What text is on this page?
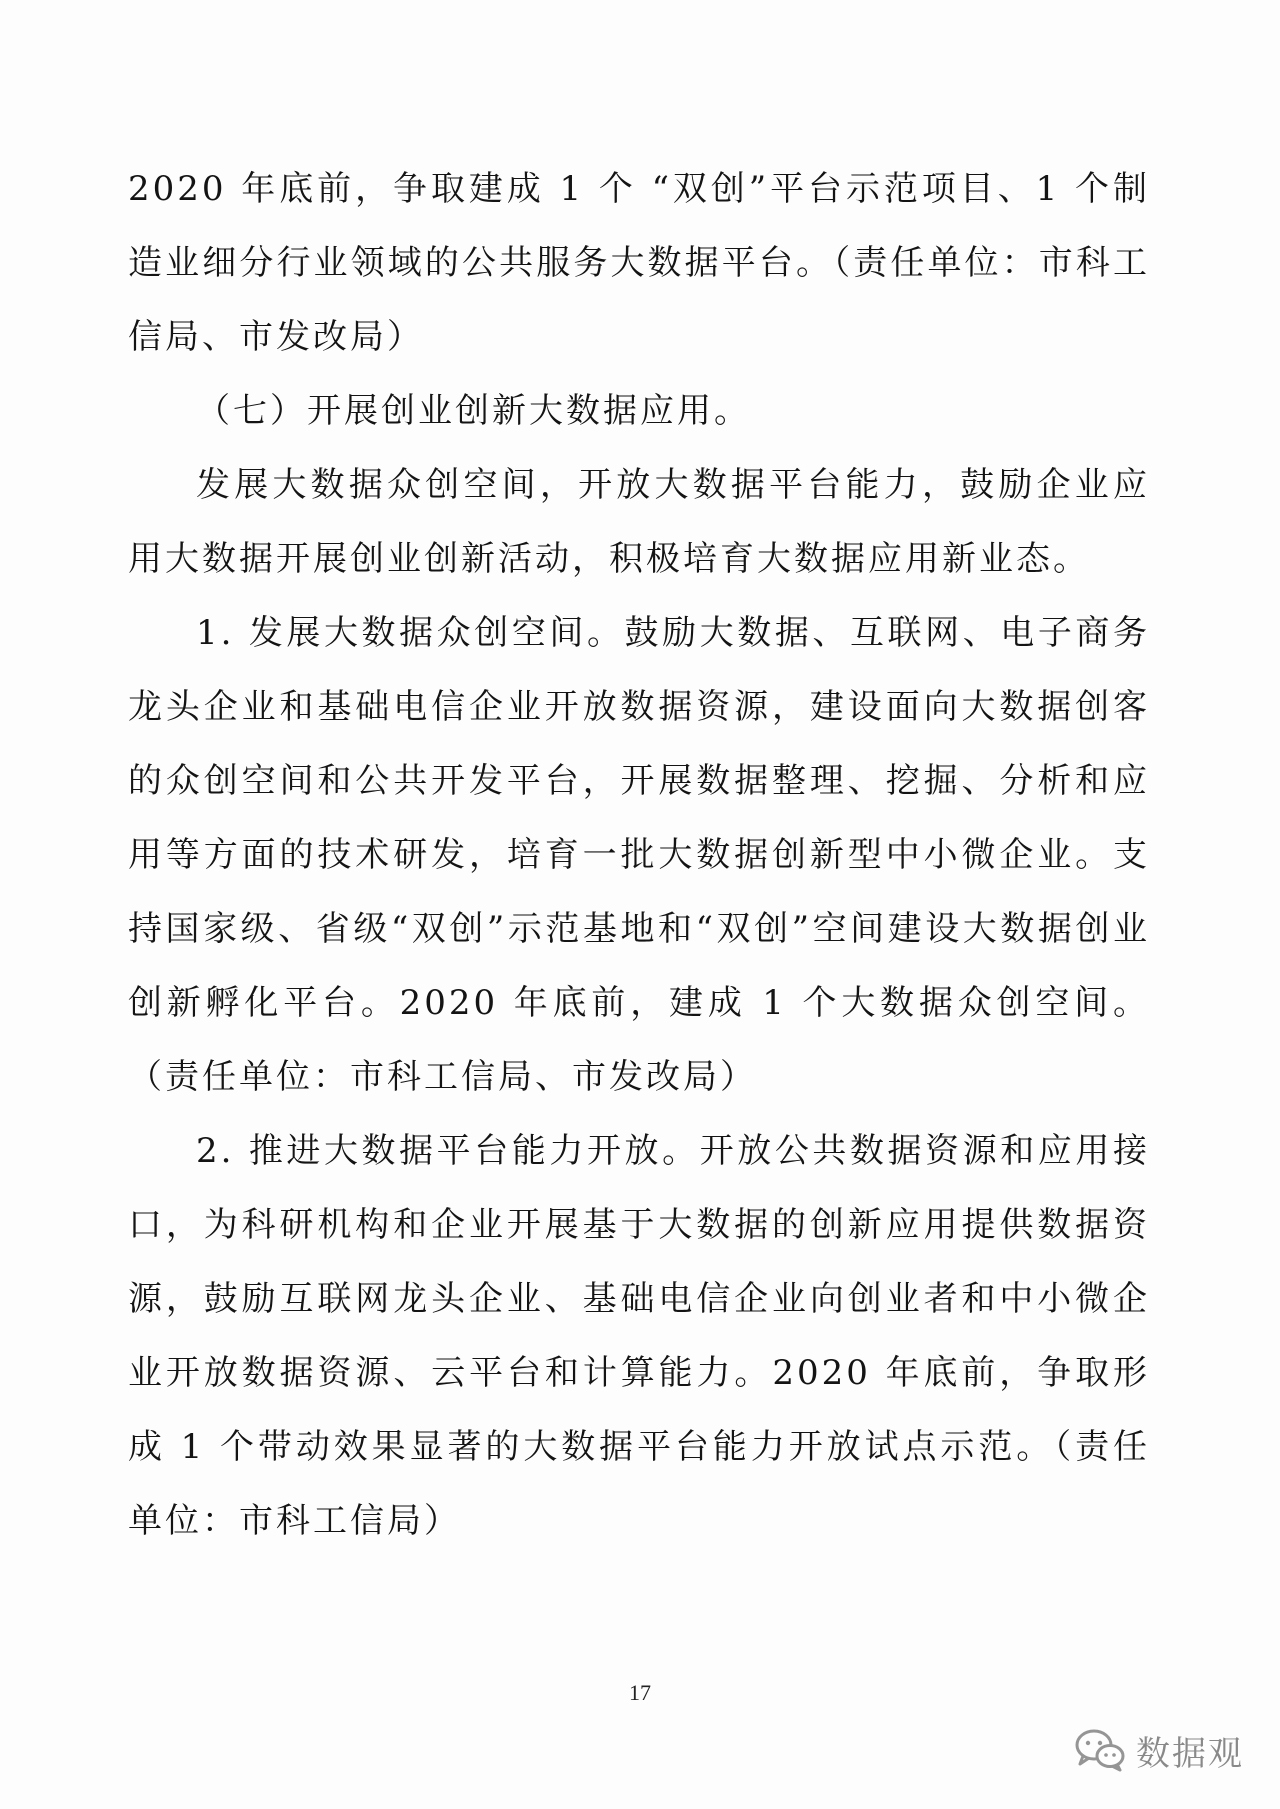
2020 年底前，争取建成 1 个 “双创”平台示范项目、1 个制造业细分行业领域的公共服务大数据平台。（责任单位：市科工信局、市发改局）

（七）开展创业创新大数据应用。

发展大数据众创空间，开放大数据平台能力，鼓励企业应用大数据开展创业创新活动，积极培育大数据应用新业态。

1. 发展大数据众创空间。鼓励大数据、互联网、电子商务龙头企业和基础电信企业开放数据资源，建设面向大数据创客的众创空间和公共开发平台，开展数据整理、挖掘、分析和应用等方面的技术研发，培育一批大数据创新型中小微企业。支持国家级、省级“双创”示范基地和“双创”空间建设大数据创业创新孵化平台。2020 年底前，建成 1 个大数据众创空间。（责任单位：市科工信局、市发改局）

2. 推进大数据平台能力开放。开放公共数据资源和应用接口，为科研机构和企业开展基于大数据的创新应用提供数据资源，鼓励互联网龙头企业、基础电信企业向创业者和中小微企业开放数据资源、云平台和计算能力。2020 年底前，争取形成 1 个带动效果显著的大数据平台能力开放试点示范。（责任单位：市科工信局）

17
数据观
